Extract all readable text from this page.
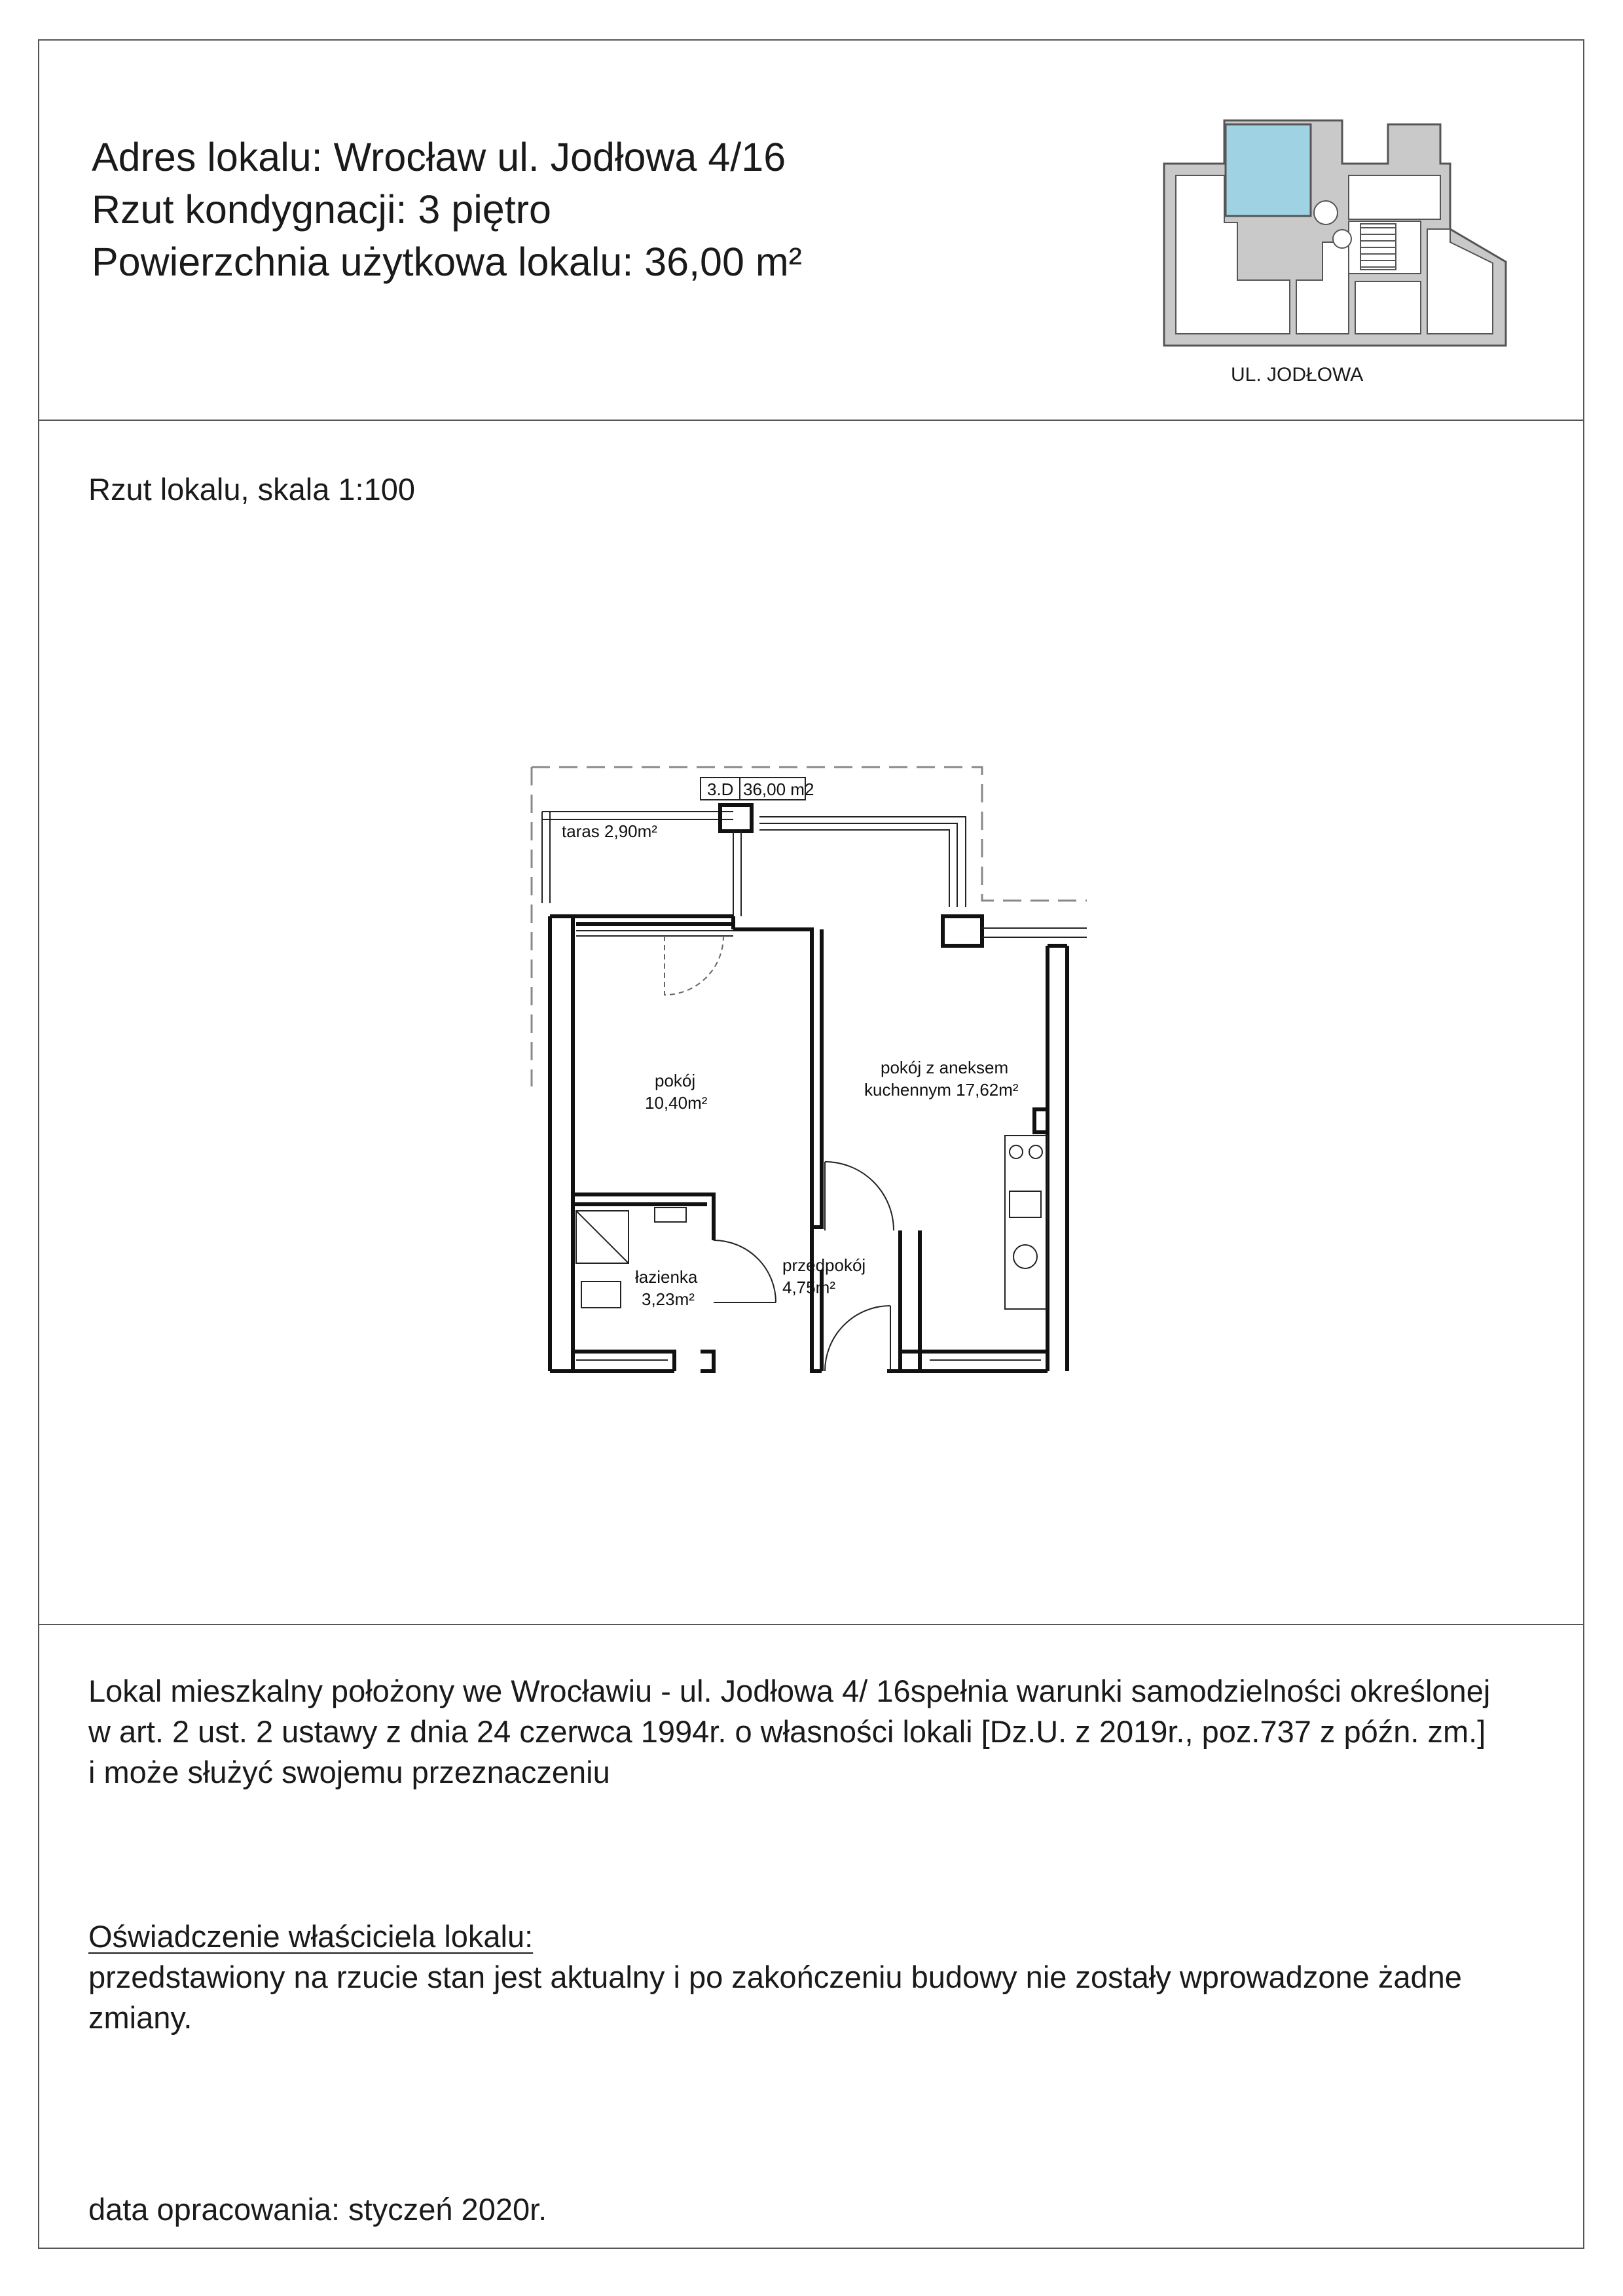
Adres lokalu: Wrocław ul. Jodłowa 4/16
Rzut kondygnacji: 3 piętro
Powierzchnia użytkowa lokalu: 36,00 m²
UL. JODŁOWA
Rzut lokalu, skala 1:100
3.D 36,00 m2
taras 2,90m²
pokój
10,40m²
pokój z aneksem
kuchennym 17,62m²
łazienka
3,23m²
przedpokój
4,75m²
Lokal mieszkalny położony we Wrocławiu - ul. Jodłowa 4/ 16spełnia warunki samodzielności określonej
w art. 2 ust. 2 ustawy z dnia 24 czerwca 1994r. o własności lokali [Dz.U. z 2019r., poz.737 z późn. zm.]
i może służyć swojemu przeznaczeniu
Oświadczenie właściciela lokalu:
przedstawiony na rzucie stan jest aktualny i po zakończeniu budowy nie zostały wprowadzone żadne
zmiany.
data opracowania: styczeń 2020r.
